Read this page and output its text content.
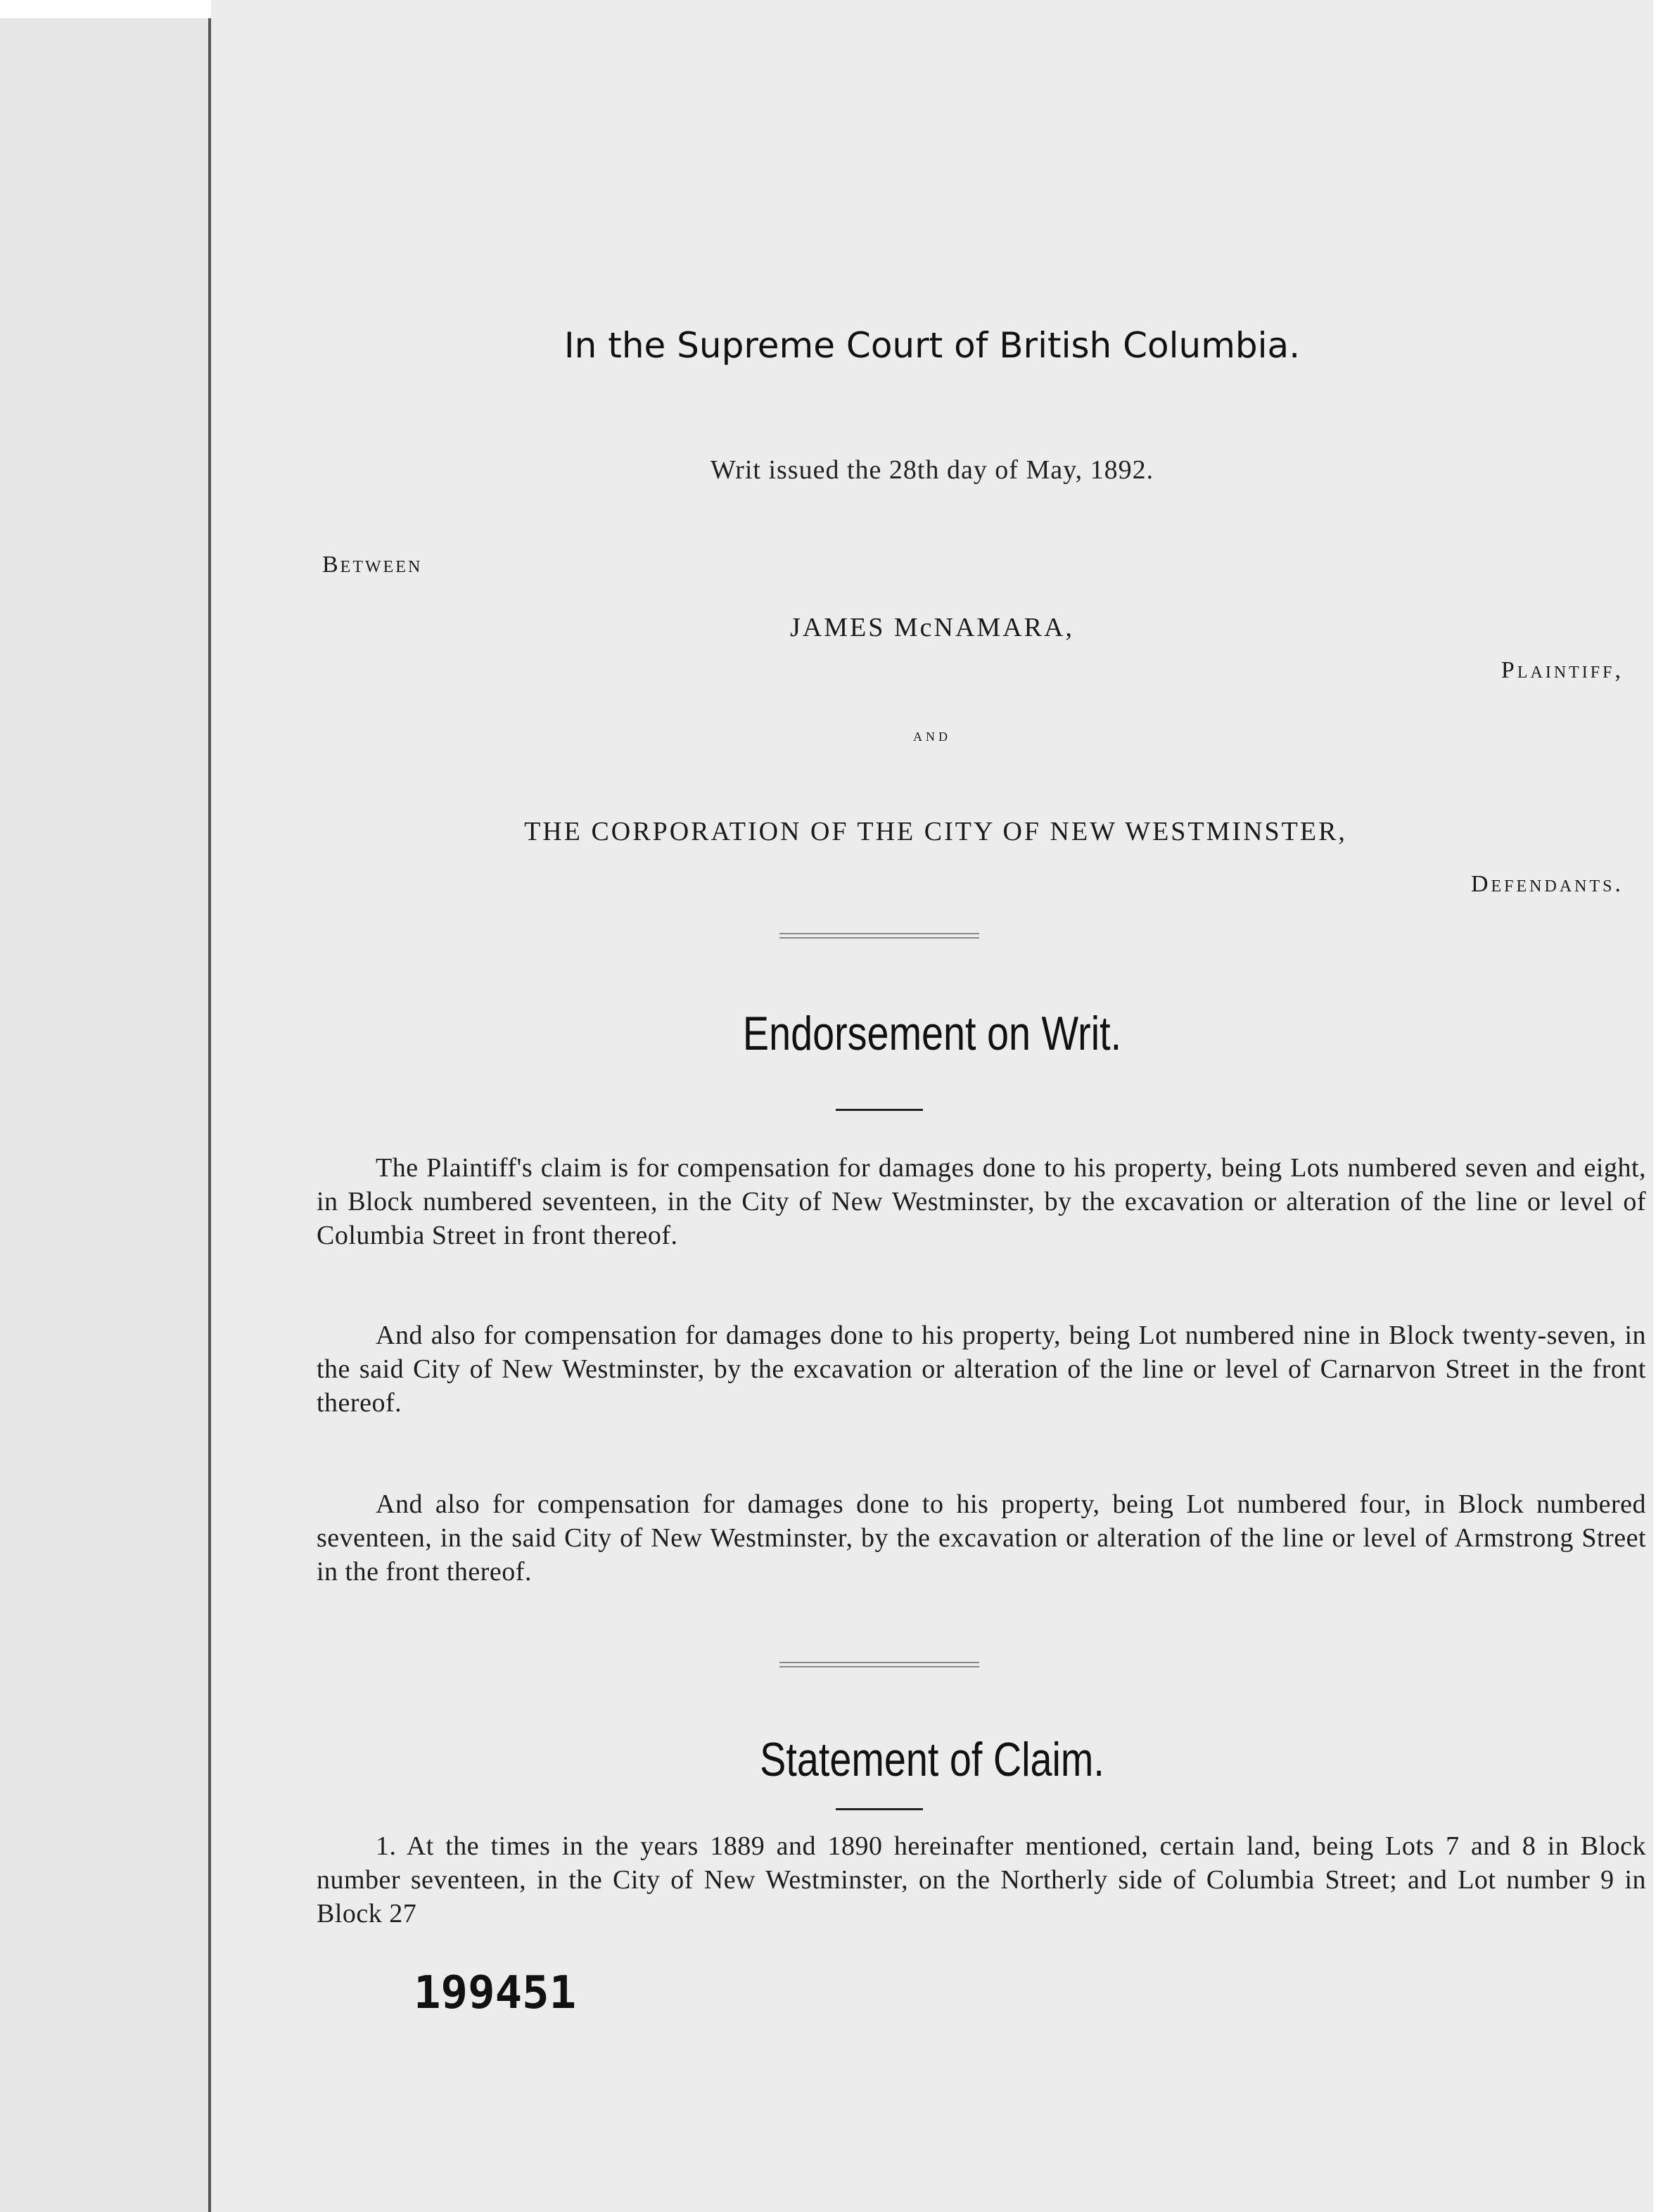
In the Supreme Court of British Columbia.
Writ issued the 28th day of May, 1892.
Between
JAMES McNAMARA,
Plaintiff,
and
THE CORPORATION OF THE CITY OF NEW WESTMINSTER,
Defendants.
Endorsement on Writ.
The Plaintiff's claim is for compensation for damages done to his property, being Lots numbered seven and eight, in Block numbered seventeen, in the City of New Westminster, by the excavation or alteration of the line or level of Columbia Street in front thereof.
And also for compensation for damages done to his property, being Lot numbered nine in Block twenty-seven, in the said City of New Westminster, by the excavation or alteration of the line or level of Carnarvon Street in the front thereof.
And also for compensation for damages done to his property, being Lot numbered four, in Block numbered seventeen, in the said City of New Westminster, by the excavation or alteration of the line or level of Armstrong Street in the front thereof.
Statement of Claim.
1. At the times in the years 1889 and 1890 hereinafter mentioned, certain land, being Lots 7 and 8 in Block number seventeen, in the City of New Westminster, on the Northerly side of Columbia Street; and Lot number 9 in Block 27
199451
